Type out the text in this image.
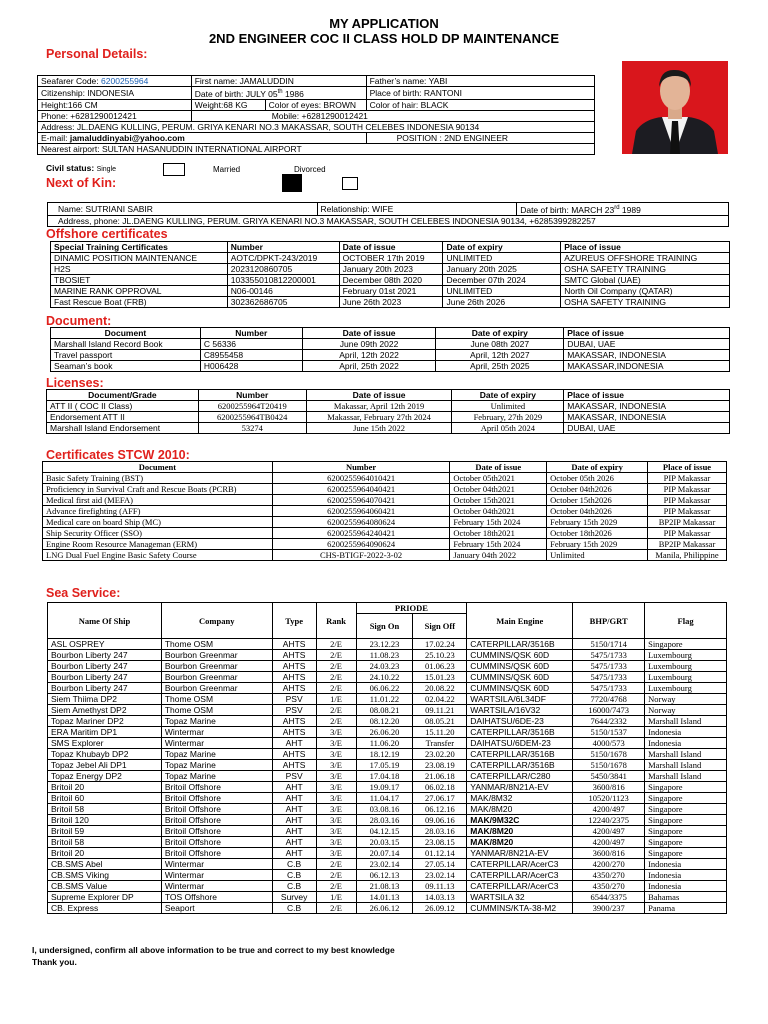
MY APPLICATION
2ND ENGINEER COC II CLASS HOLD DP MAINTENANCE
Personal Details:
Seafarer Code: 6200255964	First name: JAMALUDDIN		Father’s name: YABI
Citizenship: INDONESIA	Date of birth: JULY 05th 1986		Place of birth: RANTONI
Height:166 CM	Weight:68 KG	Color of eyes: BROWN	Color of hair: BLACK
Phone: +6281290012421	Mobile: +6281290012421		
Address: JL.DAENG KULLING, PERUM. GRIYA KENARI NO.3 MAKASSAR, SOUTH CELEBES INDONESIA 90134			
E-mail: jamaluddinyabi@yahoo.com			POSITION : 2ND ENGINEER
Nearest airport: SULTAN HASANUDDIN INTERNATIONAL AIRPORT			
Civil status: Single	Married	Divorced
Next of Kin:
Name: SUTRIANI SABIR	Relationship: WIFE	Date of birth: MARCH 23rd 1989
Address, phone: JL.DAENG KULLING, PERUM. GRIYA KENARI NO.3 MAKASSAR, SOUTH CELEBES INDONESIA 90134, +6285399282257
Offshore certificates
Special Training Certificates	Number	Date of issue	Date of expiry	Place of issue
DINAMIC POSITION MAINTENANCE	AOTC/DPKT-243/2019	OCTOBER 17th 2019	UNLIMITED	AZUREUS OFFSHORE TRAINING
H2S	2023120860705	January 20th 2023	January 20th 2025	OSHA SAFETY TRAINING
TBOSIET	103355010812200001	December 08th 2020	December 07th 2024	SMTC Global (UAE)
MARINE RANK OPPROVAL	N06-00146	February 01st 2021	UNLIMITED	North Oil Company (QATAR)
Fast Rescue Boat (FRB)	302362686705	June 26th 2023	June 26th 2026	OSHA SAFETY TRAINING
Document:
Document	Number	Date of issue	Date of expiry	Place of issue
Marshall Island Record Book	C 56336	June 09th 2022	June 08th 2027	DUBAI, UAE
Travel passport	C8955458	April, 12th 2022	April, 12th 2027	MAKASSAR, INDONESIA
Seaman’s book	H006428	April, 25th 2022	April, 25th 2025	MAKASSAR,INDONESIA
Licenses:
Document/Grade	Number	Date of issue	Date of expiry	Place of issue
ATT II ( COC II Class)	6200255964T20419	Makassar, April 12th 2019	Unlimited	MAKASSAR, INDONESIA
Endorsement ATT II	6200255964TB0424	Makassar, February 27th 2024	February, 27th 2029	MAKASSAR, INDONESIA
Marshall Island Endorsement	53274	June 15th 2022	April 05th 2024	DUBAI, UAE
Certificates STCW 2010:
Document	Number	Date of issue	Date of expiry	Place of issue
Basic Safety Training (BST)	6200255964010421	October 05th2021	October 05th 2026	PIP Makassar
Proficiency in Survival Craft and Rescue Boats (PCRB)	6200255964040421	October 04th2021	October 04th2026	PIP Makassar
Medical first aid (MEFA)	6200255964070421	October 15th2021	October 15th2026	PIP Makassar
Advance firefighting (AFF)	6200255964060421	October 04th2021	October 04th2026	PIP Makassar
Medical care on board Ship (MC)	6200255964080624	February 15th 2024	February 15th 2029	BP2IP Makassar
Ship Security Officer (SSO)	6200255964240421	October 18th2021	October 18th2026	PIP Makassar
Engine Room Resource Manageman (ERM)	6200255964090624	February 15th 2024	February 15th 2029	BP2IP Makassar
LNG Dual Fuel Engine Basic Safety Course	CHS-BTIGF-2022-3-02	January 04th 2022	Unlimited	Manila, Philippine
Sea Service:
Name Of Ship	Company	Type	Rank	PRIODE		Main Engine	BHP/GRT	Flag
				Sign On	Sign Off			
ASL OSPREY	Thome OSM	AHTS	2/E	23.12.23	17.02.24	CATERPILLAR/3516B	5150/1714	Singapore
Bourbon Liberty 247	Bourbon Greenmar	AHTS	2/E	11.08.23	25.10.23	CUMMINS/QSK 60D	5475/1733	Luxembourg
Bourbon Liberty 247	Bourbon Greenmar	AHTS	2/E	24.03.23	01.06.23	CUMMINS/QSK 60D	5475/1733	Luxembourg
Bourbon Liberty 247	Bourbon Greenmar	AHTS	2/E	24.10.22	15.01.23	CUMMINS/QSK 60D	5475/1733	Luxembourg
Bourbon Liberty 247	Bourbon Greenmar	AHTS	2/E	06.06.22	20.08.22	CUMMINS/QSK 60D	5475/1733	Luxembourg
Siem Thiima DP2	Thome OSM	PSV	1/E	11.01.22	02.04.22	WARTSILA/6L34DF	7720/4768	Norway
Siem Amethyst DP2	Thome OSM	PSV	2/E	08.08.21	09.11.21	WARTSILA/16V32	16000/7473	Norway
Topaz Mariner DP2	Topaz Marine	AHTS	2/E	08.12.20	08.05.21	DAIHATSU/6DE-23	7644/2332	Marshall Island
ERA Maritim DP1	Wintermar	AHTS	3/E	26.06.20	15.11.20	CATERPILLAR/3516B	5150/1537	Indonesia
SMS Explorer	Wintermar	AHT	3/E	11.06.20	Transfer	DAIHATSU/6DEM-23	4000/573	Indonesia
Topaz Khubayb DP2	Topaz Marine	AHTS	3/E	18.12.19	23.02.20	CATERPILLAR/3516B	5150/1678	Marshall Island
Topaz Jebel Ali DP1	Topaz Marine	AHTS	3/E	17.05.19	23.08.19	CATERPILLAR/3516B	5150/1678	Marshall Island
Topaz Energy DP2	Topaz Marine	PSV	3/E	17.04.18	21.06.18	CATERPILLAR/C280	5450/3841	Marshall Island
Britoil 20	Britoil Offshore	AHT	3/E	19.09.17	06.02.18	YANMAR/8N21A-EV	3600/816	Singapore
Britoil 60	Britoil Offshore	AHT	3/E	11.04.17	27.06.17	MAK/8M32	10520/1123	Singapore
Britoil 58	Britoil Offshore	AHT	3/E	03.08.16	06.12.16	MAK/8M20	4200/497	Singapore
Britoil 120	Britoil Offshore	AHT	3/E	28.03.16	09.06.16	MAK/9M32C	12240/2375	Singapore
Britoil 59	Britoil Offshore	AHT	3/E	04.12.15	28.03.16	MAK/8M20	4200/497	Singapore
Britoil 58	Britoil Offshore	AHT	3/E	20.03.15	23.08.15	MAK/8M20	4200/497	Singapore
Britoil 20	Britoil Offshore	AHT	3/E	20.07.14	01.12.14	YANMAR/8N21A-EV	3600/816	Singapore
CB.SMS Abel	Wintermar	C.B	2/E	23.02.14	27.05.14	CATERPILLAR/AcerC3	4200/270	Indonesia
CB.SMS Viking	Wintermar	C.B	2/E	06.12.13	23.02.14	CATERPILLAR/AcerC3	4350/270	Indonesia
CB.SMS Value	Wintermar	C.B	2/E	21.08.13	09.11.13	CATERPILLAR/AcerC3	4350/270	Indonesia
Supreme Explorer DP	TOS Offshore	Survey	1/E	14.01.13	14.03.13	WARTSILA 32	6544/3375	Bahamas
CB. Express	Seaport	C.B	2/E	26.06.12	26.09.12	CUMMINS/KTA-38-M2	3900/237	Panama
I, undersigned, confirm all above information to be true and correct to my best knowledge
Thank you.
